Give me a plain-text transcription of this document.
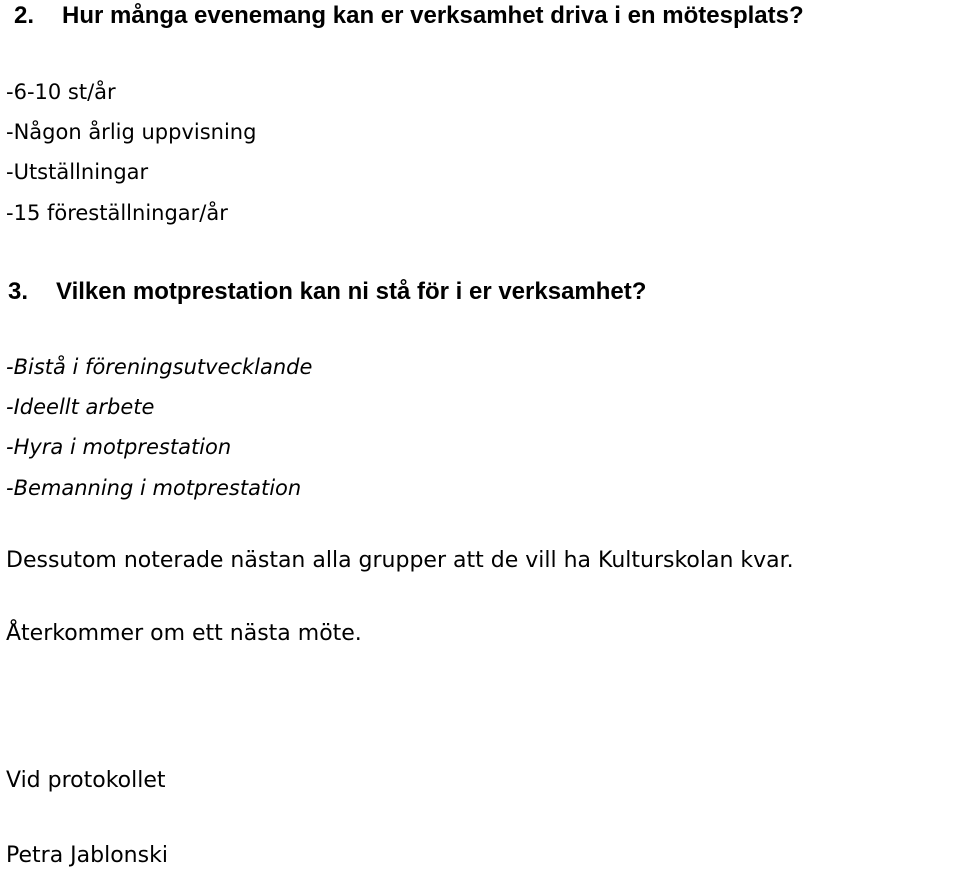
2. Hur många evenemang kan er verksamhet driva i en mötesplats?
-6-10 st/år
-Någon årlig uppvisning
-Utställningar
-15 föreställningar/år
3. Vilken motprestation kan ni stå för i er verksamhet?
-Bistå i föreningsutvecklande
-Ideellt arbete
-Hyra i motprestation
-Bemanning i motprestation
Dessutom noterade nästan alla grupper att de vill ha Kulturskolan kvar.
Återkommer om ett nästa möte.
Vid protokollet
Petra Jablonski
